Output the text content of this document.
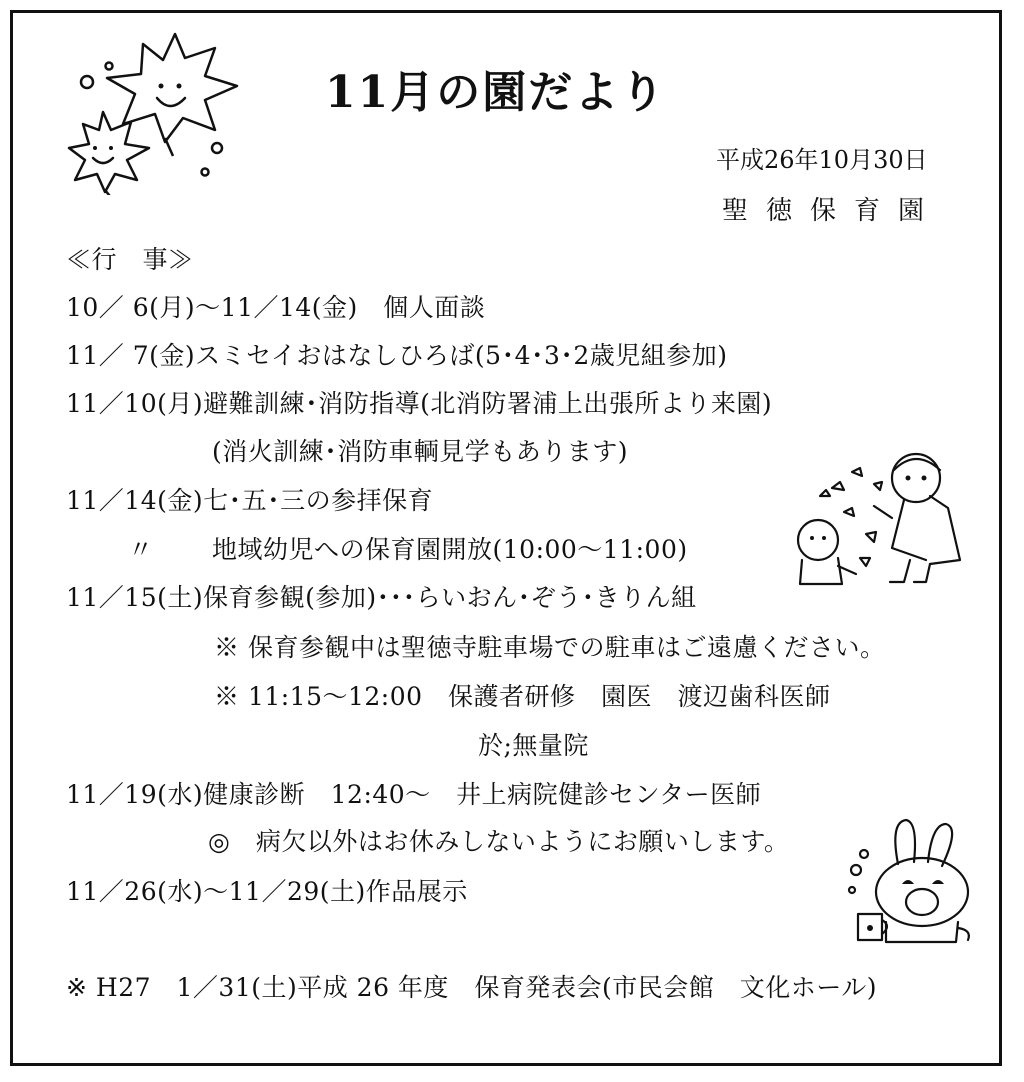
11月の園だより
平成26年10月30日
聖徳保育園
≪行　事≫
10／ 6(月)～11／14(金)　個人面談
11／ 7(金)スミセイおはなしひろば(5･4･3･2歳児組参加)
11／10(月)避難訓練･消防指導(北消防署浦上出張所より来園)
(消火訓練･消防車輌見学もあります)
11／14(金)七･五･三の参拝保育
〃 地域幼児への保育園開放(10:00～11:00)
11／15(土)保育参観(参加)･･･らいおん･ぞう･きりん組
※ 保育参観中は聖徳寺駐車場での駐車はご遠慮ください。
※ 11:15～12:00　保護者研修　園医　渡辺歯科医師
於;無量院
11／19(水)健康診断　12:40～　井上病院健診センター医師
◎　病欠以外はお休みしないようにお願いします。
11／26(水)～11／29(土)作品展示
※ H27　1／31(土)平成 26 年度　保育発表会(市民会館　文化ホール)
